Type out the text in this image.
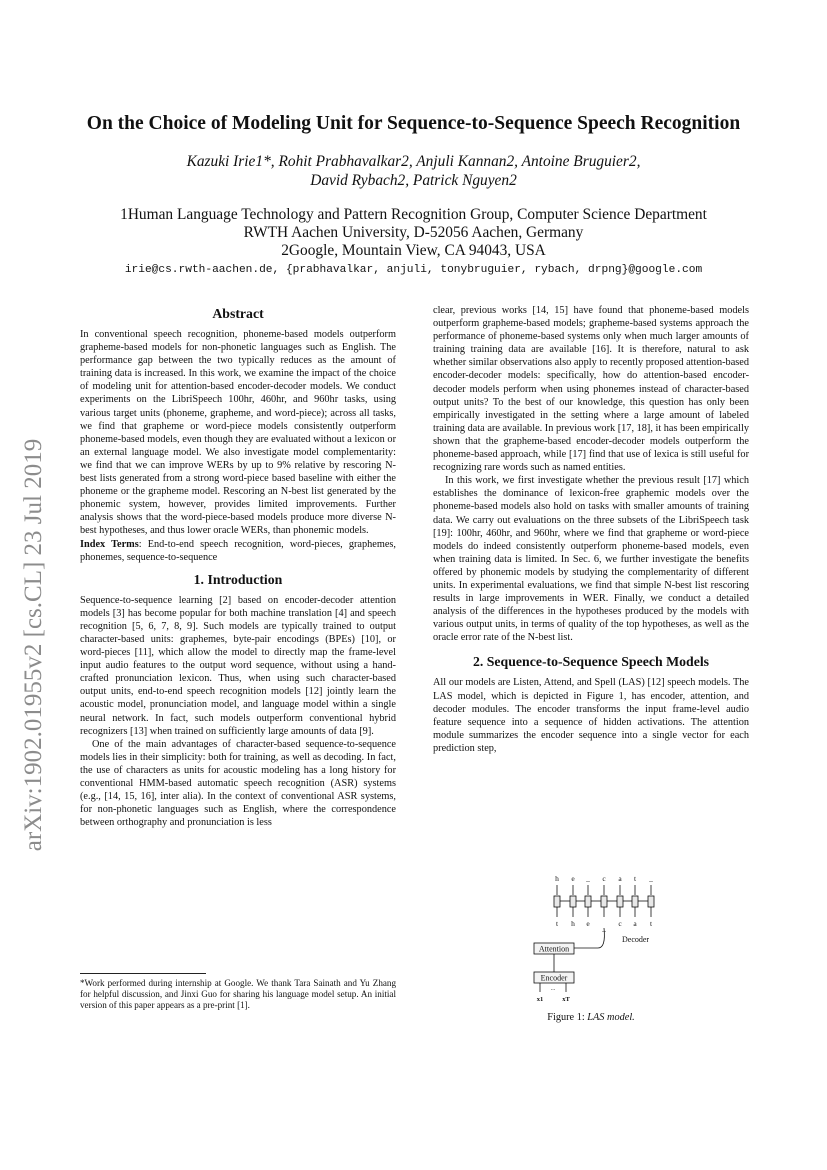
arXiv:1902.01955v2 [cs.CL] 23 Jul 2019
On the Choice of Modeling Unit for Sequence-to-Sequence Speech Recognition
Kazuki Irie1*, Rohit Prabhavalkar2, Anjuli Kannan2, Antoine Bruguier2,
David Rybach2, Patrick Nguyen2
1Human Language Technology and Pattern Recognition Group, Computer Science Department
RWTH Aachen University, D-52056 Aachen, Germany
2Google, Mountain View, CA 94043, USA
irie@cs.rwth-aachen.de, {prabhavalkar, anjuli, tonybruguier, rybach, drpng}@google.com
Abstract

In conventional speech recognition, phoneme-based models outperform grapheme-based models for non-phonetic languages such as English. The performance gap between the two typically reduces as the amount of training data is increased. In this work, we examine the impact of the choice of modeling unit for attention-based encoder-decoder models. We conduct experiments on the LibriSpeech 100hr, 460hr, and 960hr tasks, using various target units (phoneme, grapheme, and word-piece); across all tasks, we find that grapheme or word-piece models consistently outperform phoneme-based models, even though they are evaluated without a lexicon or an external language model. We also investigate model complementarity: we find that we can improve WERs by up to 9% relative by rescoring N-best lists generated from a strong word-piece based baseline with either the phoneme or the grapheme model. Rescoring an N-best list generated by the phonemic system, however, provides limited improvements. Further analysis shows that the word-piece-based models produce more diverse N-best hypotheses, and thus lower oracle WERs, than phonemic models.

Index Terms: End-to-end speech recognition, word-pieces, graphemes, phonemes, sequence-to-sequence

1. Introduction

Sequence-to-sequence learning [2] based on encoder-decoder attention models [3] has become popular for both machine translation [4] and speech recognition [5, 6, 7, 8, 9]. Such models are typically trained to output character-based units: graphemes, byte-pair encodings (BPEs) [10], or word-pieces [11], which allow the model to directly map the frame-level input audio features to the output word sequence, without using a hand-crafted pronunciation lexicon. Thus, when using such character-based output units, end-to-end speech recognition models [12] jointly learn the acoustic model, pronunciation model, and language model within a single neural network. In fact, such models outperform conventional hybrid recognizers [13] when trained on sufficiently large amounts of data [9].

One of the main advantages of character-based sequence-to-sequence models lies in their simplicity: both for training, as well as decoding. In fact, the use of characters as units for acoustic modeling has a long history for conventional HMM-based automatic speech recognition (ASR) systems (e.g., [14, 15, 16], inter alia). In the context of conventional ASR systems, for non-phonetic languages such as English, where the correspondence between orthography and pronunciation is less

*Work performed during internship at Google. We thank Tara Sainath and Yu Zhang for helpful discussion, and Jinxi Guo for sharing his language model setup. An initial version of this paper appears as a pre-print [1].

clear, previous works [14, 15] have found that phoneme-based models outperform grapheme-based models; grapheme-based systems approach the performance of phoneme-based systems only when much larger amounts of training training data are available [16]. It is therefore, natural to ask whether similar observations also apply to recently proposed attention-based encoder-decoder models: specifically, how do attention-based encoder-decoder models perform when using phonemes instead of character-based output units? To the best of our knowledge, this question has only been empirically investigated in the setting where a large amount of labeled training data are available. In previous work [17, 18], it has been empirically shown that the grapheme-based encoder-decoder models outperform the phoneme-based approach, while [17] find that use of lexica is still useful for recognizing rare words such as named entities.

In this work, we first investigate whether the previous result [17] which establishes the dominance of lexicon-free graphemic models over the phoneme-based models also hold on tasks with smaller amounts of training data. We carry out evaluations on the three subsets of the LibriSpeech task [19]: 100hr, 460hr, and 960hr, where we find that grapheme or word-piece models do indeed consistently outperform phoneme-based models, even when training data is limited. In Sec. 6, we further investigate the benefits offered by phonemic models by studying the complementarity of different units. In experimental evaluations, we find that simple N-best list rescoring results in large improvements in WER. Finally, we conduct a detailed analysis of the differences in the hypotheses produced by the models with various output units, in terms of quality of the top hypotheses, as well as the oracle error rate of the N-best list.

2. Sequence-to-Sequence Speech Models

All our models are Listen, Attend, and Spell (LAS) [12] speech models. The LAS model, which is depicted in Figure 1, has encoder, attention, and decoder modules. The encoder transforms the input frame-level audio feature sequence into a sequence of hidden activations. The attention module summarizes the encoder sequence into a single vector for each prediction step,

h e _ c a t _
t h e
_
c a t
Decoder
Attention
Encoder
...
x1	xT
Figure 1: LAS model.
